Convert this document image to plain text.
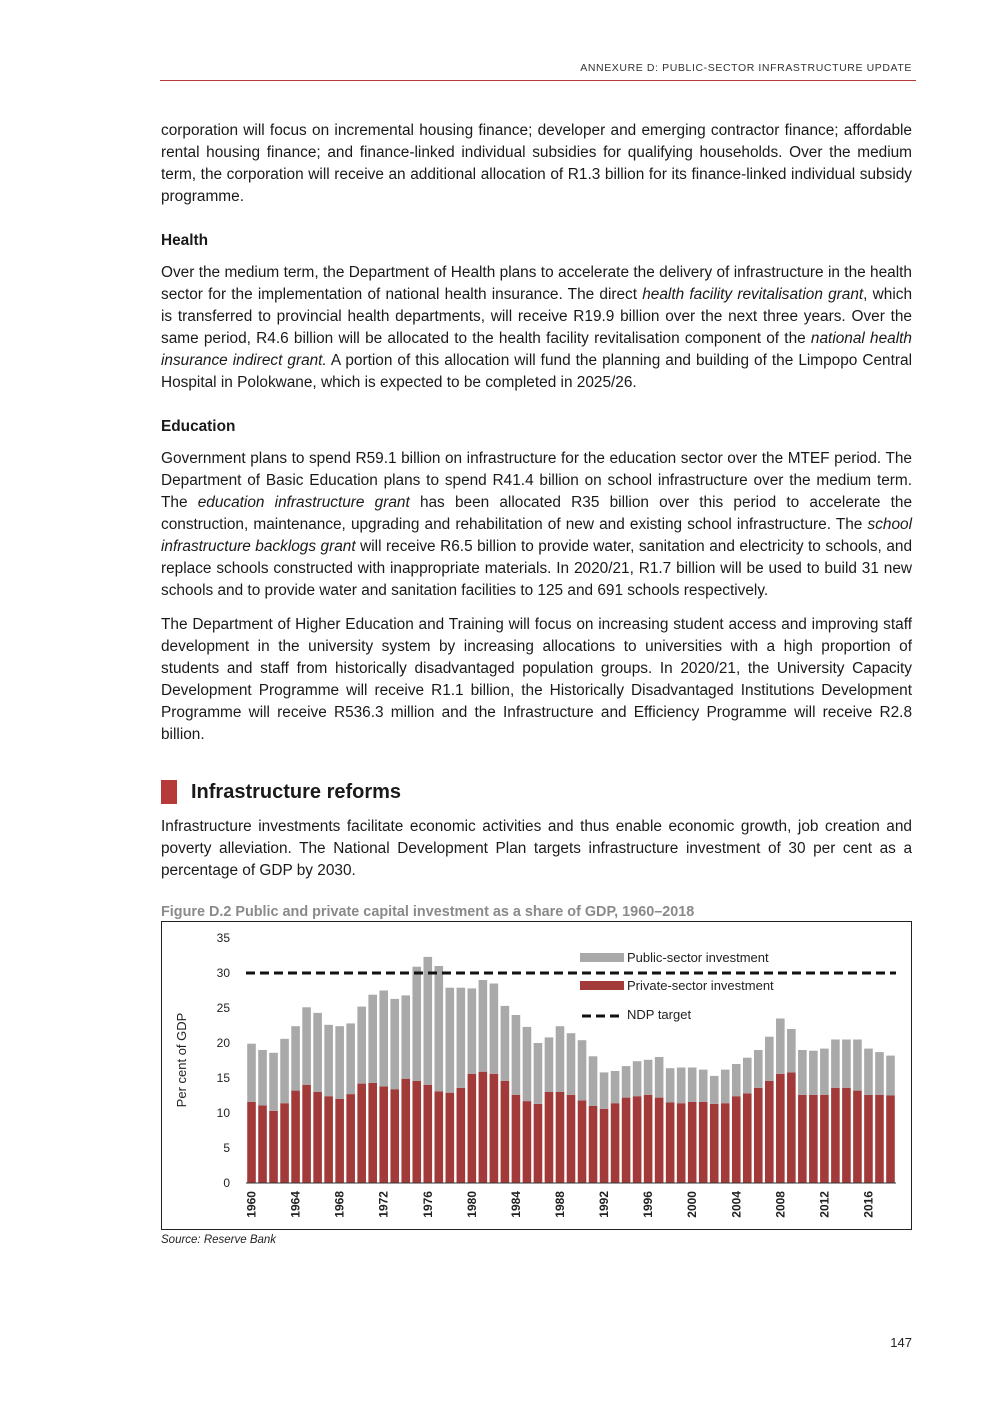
ANNEXURE D: PUBLIC-SECTOR INFRASTRUCTURE UPDATE

corporation will focus on incremental housing finance; developer and emerging contractor finance; affordable rental housing finance; and finance-linked individual subsidies for qualifying households. Over the medium term, the corporation will receive an additional allocation of R1.3 billion for its finance-linked individual subsidy programme.

Health

Over the medium term, the Department of Health plans to accelerate the delivery of infrastructure in the health sector for the implementation of national health insurance. The direct health facility revitalisation grant, which is transferred to provincial health departments, will receive R19.9 billion over the next three years. Over the same period, R4.6 billion will be allocated to the health facility revitalisation component of the national health insurance indirect grant. A portion of this allocation will fund the planning and building of the Limpopo Central Hospital in Polokwane, which is expected to be completed in 2025/26.

Education

Government plans to spend R59.1 billion on infrastructure for the education sector over the MTEF period. The Department of Basic Education plans to spend R41.4 billion on school infrastructure over the medium term. The education infrastructure grant has been allocated R35 billion over this period to accelerate the construction, maintenance, upgrading and rehabilitation of new and existing school infrastructure. The school infrastructure backlogs grant will receive R6.5 billion to provide water, sanitation and electricity to schools, and replace schools constructed with inappropriate materials. In 2020/21, R1.7 billion will be used to build 31 new schools and to provide water and sanitation facilities to 125 and 691 schools respectively.

The Department of Higher Education and Training will focus on increasing student access and improving staff development in the university system by increasing allocations to universities with a high proportion of students and staff from historically disadvantaged population groups. In 2020/21, the University Capacity Development Programme will receive R1.1 billion, the Historically Disadvantaged Institutions Development Programme will receive R536.3 million and the Infrastructure and Efficiency Programme will receive R2.8 billion.

Infrastructure reforms

Infrastructure investments facilitate economic activities and thus enable economic growth, job creation and poverty alleviation. The National Development Plan targets infrastructure investment of 30 per cent as a percentage of GDP by 2030.

Figure D.2 Public and private capital investment as a share of GDP, 1960–2018

0
5
10
15
20
25
30
35
1960	1964	1968	1972	1976	1980	1984	1988	1992	1996	2000	2004	2008	2012	2016
Per cent of GDP
Public-sector investment
Private-sector investment
NDP target
Source: Reserve Bank
147
